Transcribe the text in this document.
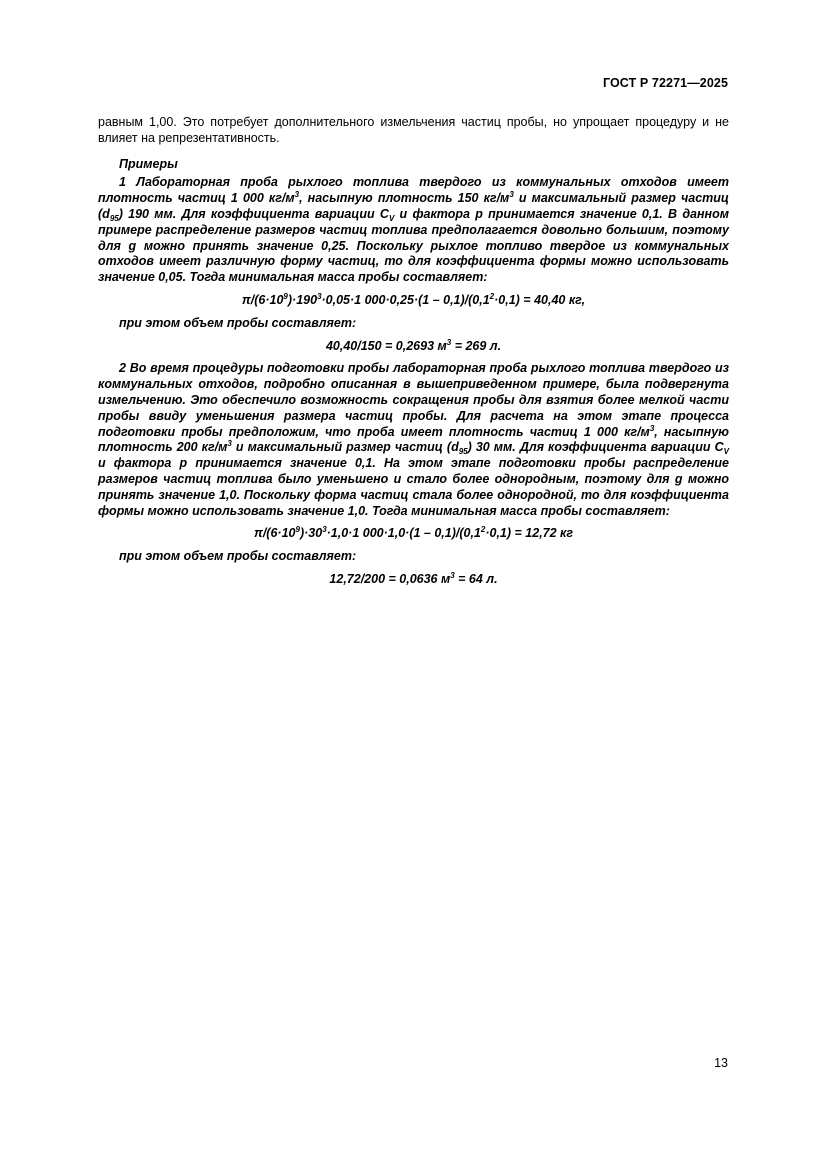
ГОСТ Р 72271—2025

равным 1,00. Это потребует дополнительного измельчения частиц пробы, но упрощает процедуру и не влияет на репрезентативность.

Примеры

1 Лабораторная проба рыхлого топлива твердого из коммунальных отходов имеет плотность частиц 1 000 $кг/м^3$, насыпную плотность 150 $кг/м^3$ и максимальный размер частиц $(d_{95})$ 190 мм. Для коэффициента вариации $C_V$ и фактора р принимается значение 0,1. В данном примере распределение размеров частиц топлива предполагается довольно большим, поэтому для g можно принять значение 0,25. Поскольку рыхлое топливо твердое из коммунальных отходов имеет различную форму частиц, то для коэффициента формы можно использовать значение 0,05. Тогда минимальная масса пробы составляет:

$\pi/(6\cdot 10^9)\cdot 190^3\cdot 0,05\cdot 1$ $000\cdot 0,25\cdot(1 - 0,1)/(0,1^2\cdot 0,1) = 40,40$ кг,

при этом объем пробы составляет:

40,40/150 = 0,2693 $м^3 = 269$ л.

2 Во время процедуры подготовки пробы лабораторная проба рыхлого топлива твердого из коммунальных отходов, подробно описанная в вышеприведенном примере, была подвергнута измельчению. Это обеспечило возможность сокращения пробы для взятия более мелкой части пробы ввиду уменьшения размера частиц пробы. Для расчета на этом этапе процесса подготовки пробы предположим, что проба имеет плотность частиц 1 000 $кг/м^3$, насыпную плотность 200 $кг/м^3$ и максимальный размер частиц $(d_{95})$ 30 мм. Для коэффициента вариации $C_V$ и фактора р принимается значение 0,1. На этом этапе подготовки пробы распределение размеров частиц топлива было уменьшено и стало более однородным, поэтому для g можно принять значение 1,0. Поскольку форма частиц стала более однородной, то для коэффициента формы можно использовать значение 1,0. Тогда минимальная масса пробы составляет:

$\pi/(6\cdot 10^9)\cdot 30^3\cdot 1,0\cdot 1$ $000\cdot 1,0\cdot(1 - 0,1)/(0,1^2\cdot 0,1) = 12,72$ кг

при этом объем пробы составляет:

12,72/200 = 0,0636 $м^3 = 64$ л.

13
